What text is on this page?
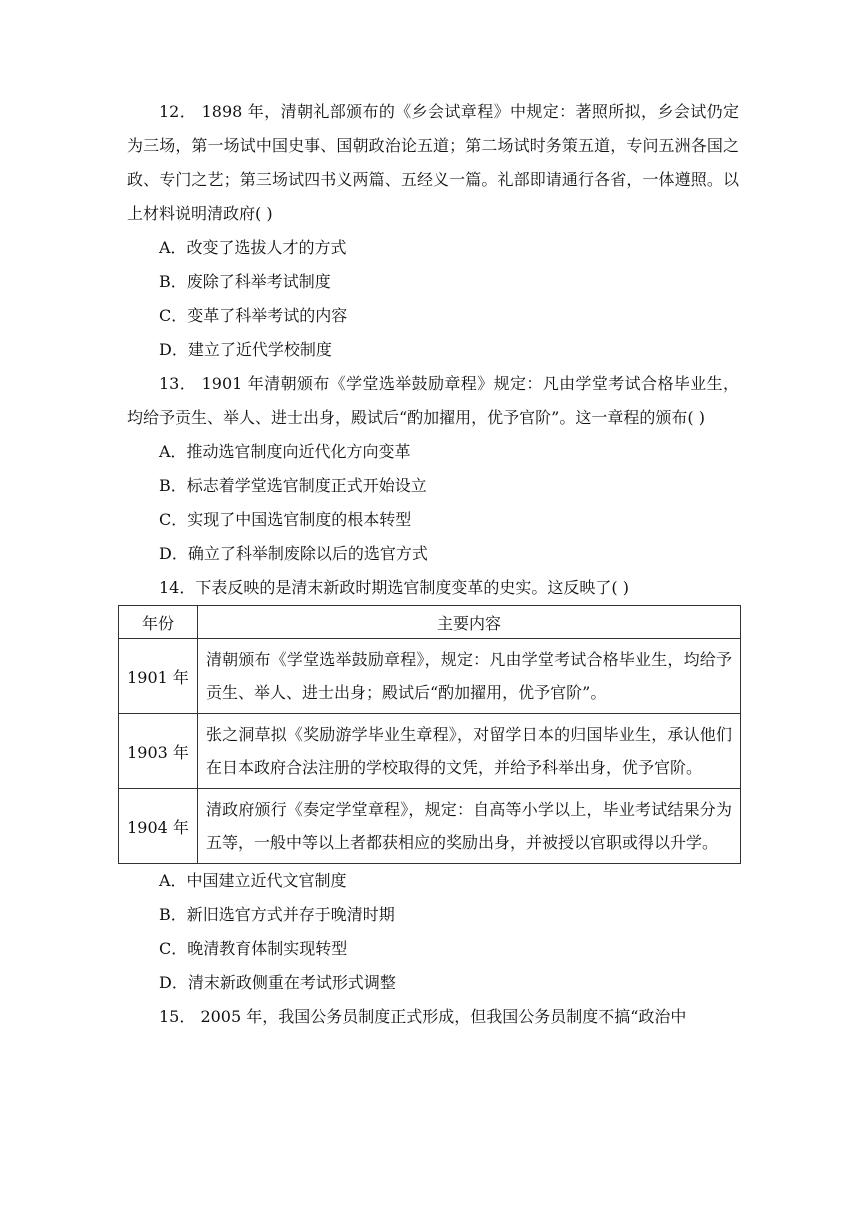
12． 1898 年，清朝礼部颁布的《乡会试章程》中规定：著照所拟，乡会试仍定为三场，第一场试中国史事、国朝政治论五道；第二场试时务策五道，专问五洲各国之政、专门之艺；第三场试四书义两篇、五经义一篇。礼部即请通行各省，一体遵照。以上材料说明清政府( )

A．改变了选拔人才的方式

B．废除了科举考试制度

C．变革了科举考试的内容

D．建立了近代学校制度

13． 1901 年清朝颁布《学堂选举鼓励章程》规定：凡由学堂考试合格毕业生，均给予贡生、举人、进士出身，殿试后“酌加擢用，优予官阶”。这一章程的颁布( )

A．推动选官制度向近代化方向变革

B．标志着学堂选官制度正式开始设立

C．实现了中国选官制度的根本转型

D．确立了科举制废除以后的选官方式

14．下表反映的是清末新政时期选官制度变革的史实。这反映了( )

年份	主要内容
1901 年	清朝颁布《学堂选举鼓励章程》，规定：凡由学堂考试合格毕业生，均给予贡生、举人、进士出身；殿试后“酌加擢用，优予官阶”。
1903 年	张之洞草拟《奖励游学毕业生章程》，对留学日本的归国毕业生，承认他们在日本政府合法注册的学校取得的文凭，并给予科举出身，优予官阶。
1904 年	清政府颁行《奏定学堂章程》，规定：自高等小学以上，毕业考试结果分为五等，一般中等以上者都获相应的奖励出身，并被授以官职或得以升学。

A．中国建立近代文官制度

B．新旧选官方式并存于晚清时期

C．晚清教育体制实现转型

D．清末新政侧重在考试形式调整

15． 2005 年，我国公务员制度正式形成，但我国公务员制度不搞“政治中
